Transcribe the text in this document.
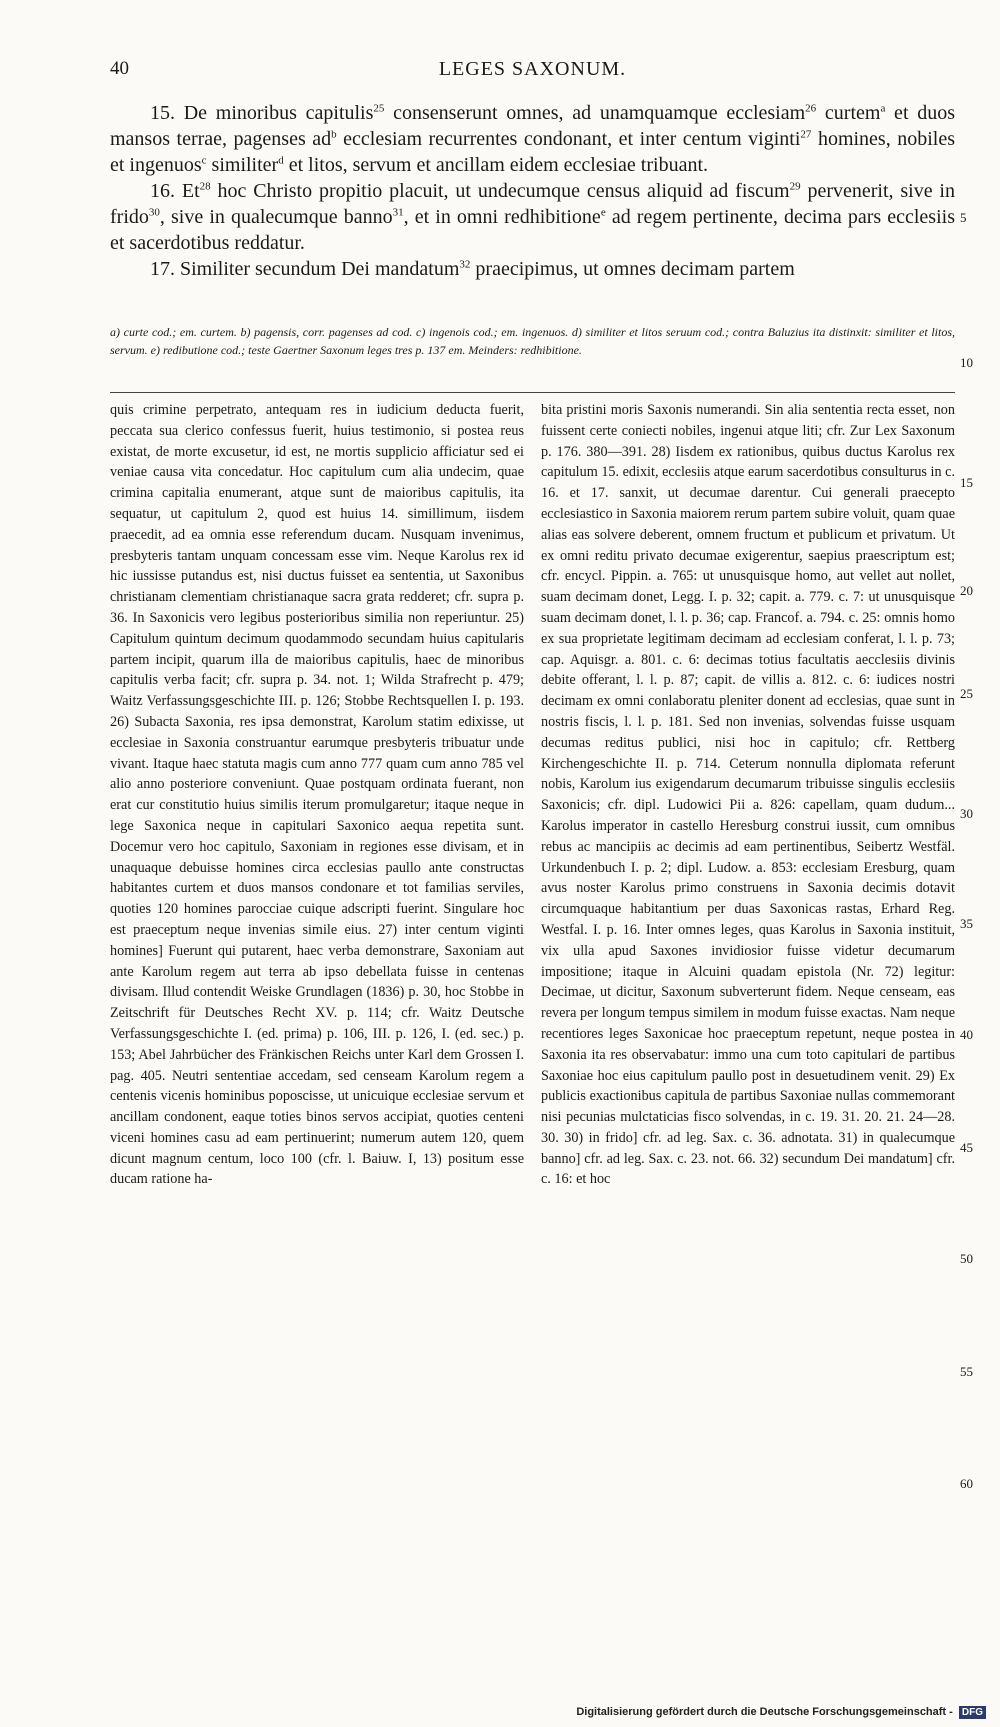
40	LEGES SAXONUM.

15. De minoribus capitulis$^{25}$ consenserunt omnes, ad unamquamque ecclesiam$^{26}$ curtem$^a$ et duos mansos terrae, pagenses $ad^b$ ecclesiam recurrentes condonant, et inter centum viginti$^{27}$ homines, nobiles et ingenuos$^c$ similiter$^d$ et litos, servum et ancillam eidem ecclesiae tribuant.

16. Et$^{28}$ hoc Christo propitio placuit, ut undecumque census aliquid ad fiscum$^{29}$ pervenerit, sive in frido$^{30}$, sive in qualecumque banno$^{31}$, et in omni redhibitione$^e$ ad regem pertinente, decima pars ecclesiis et sacerdotibus reddatur.

17. Similiter secundum Dei mandatum$^{32}$ praecipimus, ut omnes decimam partem

5
10
15
20
25
30
35
40
45
50
55
60
a) curte cod.; em. curtem. b) pagensis, corr. pagenses ad cod. c) ingenois cod.; em. ingenuos. d) similiter et litos seruum cod.; contra Baluzius ita distinxit: similiter et litos, servum. e) redibutione cod.; teste Gaertner Saxonum leges tres p. 137 em. Meinders: redhibitione.
quis crimine perpetrato, antequam res in iudicium deducta fuerit, peccata sua clerico confessus fuerit, huius testimonio, si postea reus existat, de morte excusetur, id est, ne mortis supplicio afficiatur sed ei veniae causa vita concedatur. Hoc capitulum cum alia undecim, quae crimina capitalia enumerant, atque sunt de maioribus capitulis, ita sequatur, ut capitulum 2, quod est huius 14. simillimum, iisdem praecedit, ad ea omnia esse referendum ducam. Nusquam invenimus, presbyteris tantam unquam concessam esse vim. Neque Karolus rex id hic iussisse putandus est, nisi ductus fuisset ea sententia, ut Saxonibus christianam clementiam christianaque sacra grata redderet; cfr. supra p. 36. In Saxonicis vero legibus posterioribus similia non reperiuntur. 25) Capitulum quintum decimum quodammodo secundam huius capitularis partem incipit, quarum illa de maioribus capitulis, haec de minoribus capitulis verba facit; cfr. supra p. 34. not. 1; Wilda Strafrecht p. 479; Waitz Verfassungsgeschichte III. p. 126; Stobbe Rechtsquellen I. p. 193. 26) Subacta Saxonia, res ipsa demonstrat, Karolum statim edixisse, ut ecclesiae in Saxonia construantur earumque presbyteris tribuatur unde vivant. Itaque haec statuta magis cum anno 777 quam cum anno 785 vel alio anno posteriore conveniunt. Quae postquam ordinata fuerant, non erat cur constitutio huius similis iterum promulgaretur; itaque neque in lege Saxonica neque in capitulari Saxonico aequa repetita sunt. Docemur vero hoc capitulo, Saxoniam in regiones esse divisam, et in unaquaque debuisse homines circa ecclesias paullo ante constructas habitantes curtem et duos mansos condonare et tot familias serviles, quoties 120 homines parocciae cuique adscripti fuerint. Singulare hoc est praeceptum neque invenias simile eius. 27) inter centum viginti homines] Fuerunt qui putarent, haec verba demonstrare, Saxoniam aut ante Karolum regem aut terra ab ipso debellata fuisse in centenas divisam. Illud contendit Weiske Grundlagen (1836) p. 30, hoc Stobbe in Zeitschrift für Deutsches Recht XV. p. 114; cfr. Waitz Deutsche Verfassungsgeschichte I. (ed. prima) p. 106, III. p. 126, I. (ed. sec.) p. 153; Abel Jahrbücher des Fränkischen Reichs unter Karl dem Grossen I. pag. 405. Neutri sententiae accedam, sed censeam Karolum regem a centenis vicenis hominibus poposcisse, ut unicuique ecclesiae servum et ancillam condonent, eaque toties binos servos accipiat, quoties centeni viceni homines casu ad eam pertinuerint; numerum autem 120, quem dicunt magnum centum, loco 100 (cfr. l. Baiuw. I, 13) positum esse ducam ratione ha-
bita pristini moris Saxonis numerandi. Sin alia sententia recta esset, non fuissent certe coniecti nobiles, ingenui atque liti; cfr. Zur Lex Saxonum p. 176. 380—391. 28) Iisdem ex rationibus, quibus ductus Karolus rex capitulum 15. edixit, ecclesiis atque earum sacerdotibus consulturus in c. 16. et 17. sanxit, ut decumae darentur. Cui generali praecepto ecclesiastico in Saxonia maiorem rerum partem subire voluit, quam quae alias eas solvere deberent, omnem fructum et publicum et privatum. Ut ex omni reditu privato decumae exigerentur, saepius praescriptum est; cfr. encycl. Pippin. a. 765: ut unusquisque homo, aut vellet aut nollet, suam decimam donet, Legg. I. p. 32; capit. a. 779. c. 7: ut unusquisque suam decimam donet, l. l. p. 36; cap. Francof. a. 794. c. 25: omnis homo ex sua proprietate legitimam decimam ad ecclesiam conferat, l. l. p. 73; cap. Aquisgr. a. 801. c. 6: decimas totius facultatis aecclesiis divinis debite offerant, l. l. p. 87; capit. de villis a. 812. c. 6: iudices nostri decimam ex omni conlaboratu pleniter donent ad ecclesias, quae sunt in nostris fiscis, l. l. p. 181. Sed non invenias, solvendas fuisse usquam decumas reditus publici, nisi hoc in capitulo; cfr. Rettberg Kirchengeschichte II. p. 714. Ceterum nonnulla diplomata referunt nobis, Karolum ius exigendarum decumarum tribuisse singulis ecclesiis Saxonicis; cfr. dipl. Ludowici Pii a. 826: capellam, quam dudum... Karolus imperator in castello Heresburg construi iussit, cum omnibus rebus ac mancipiis ac decimis ad eam pertinentibus, Seibertz Westfäl. Urkundenbuch I. p. 2; dipl. Ludow. a. 853: ecclesiam Eresburg, quam avus noster Karolus primo construens in Saxonia decimis dotavit circumquaque habitantium per duas Saxonicas rastas, Erhard Reg. Westfal. I. p. 16. Inter omnes leges, quas Karolus in Saxonia instituit, vix ulla apud Saxones invidiosior fuisse videtur decumarum impositione; itaque in Alcuini quadam epistola (Nr. 72) legitur: Decimae, ut dicitur, Saxonum subverterunt fidem. Neque censeam, eas revera per longum tempus similem in modum fuisse exactas. Nam neque recentiores leges Saxonicae hoc praeceptum repetunt, neque postea in Saxonia ita res observabatur: immo una cum toto capitulari de partibus Saxoniae hoc eius capitulum paullo post in desuetudinem venit. 29) Ex publicis exactionibus capitula de partibus Saxoniae nullas commemorant nisi pecunias mulctaticias fisco solvendas, in c. 19. 31. 20. 21. 24—28. 30. 30) in frido] cfr. ad leg. Sax. c. 36. adnotata. 31) in qualecumque banno] cfr. ad leg. Sax. c. 23. not. 66. 32) secundum Dei mandatum] cfr. c. 16: et hoc
Digitalisierung gefördert durch die Deutsche Forschungsgemeinschaft - DFG
